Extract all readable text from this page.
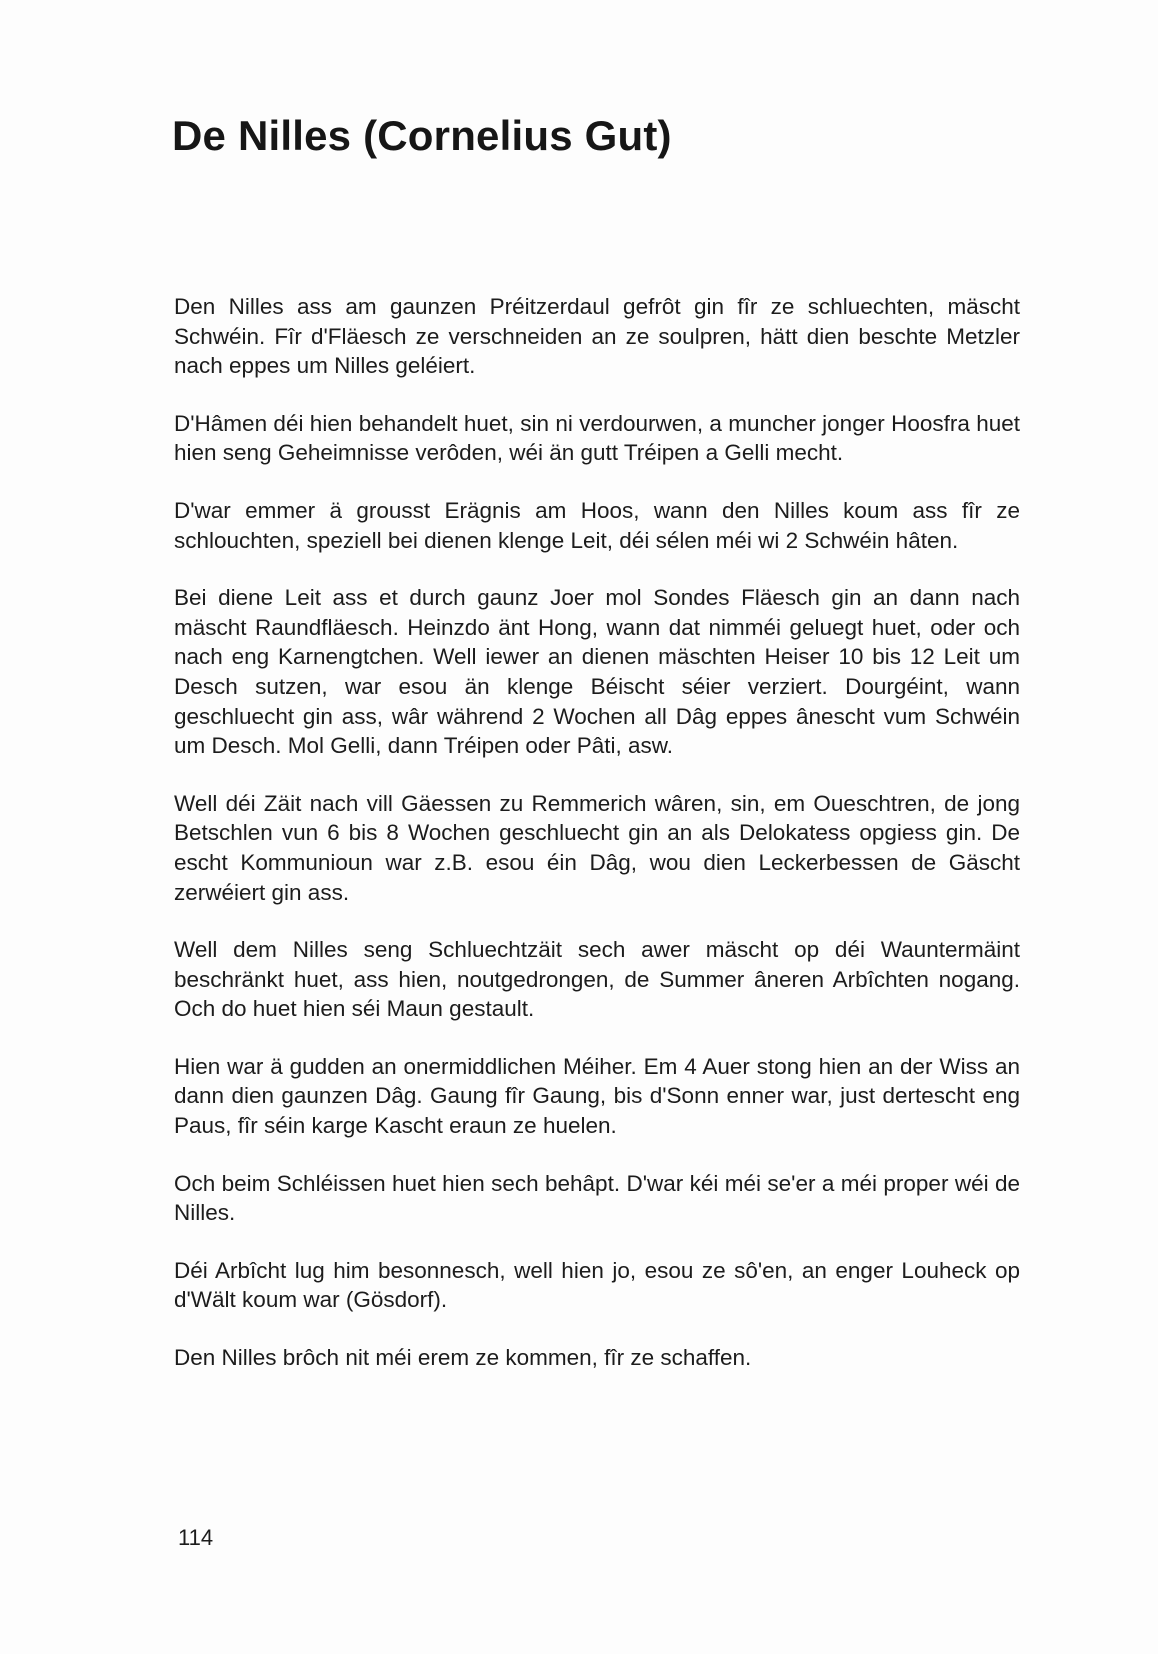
De Nilles (Cornelius Gut)

Den Nilles ass am gaunzen Préitzerdaul gefrôt gin fîr ze schluechten, mäscht Schwéin. Fîr d'Fläesch ze verschneiden an ze soulpren, hätt dien beschte Metzler nach eppes um Nilles geléiert.

D'Hâmen déi hien behandelt huet, sin ni verdourwen, a muncher jonger Hoosfra huet hien seng Geheimnisse verôden, wéi än gutt Tréipen a Gelli mecht.

D'war emmer ä grousst Erägnis am Hoos, wann den Nilles koum ass fîr ze schlouchten, speziell bei dienen klenge Leit, déi sélen méi wi 2 Schwéin hâten.

Bei diene Leit ass et durch gaunz Joer mol Sondes Fläesch gin an dann nach mäscht Raundfläesch. Heinzdo änt Hong, wann dat nimméi geluegt huet, oder och nach eng Karnengtchen. Well iewer an dienen mäschten Heiser 10 bis 12 Leit um Desch sutzen, war esou än klenge Béischt séier verziert. Dourgéint, wann geschluecht gin ass, wâr während 2 Wochen all Dâg eppes ânescht vum Schwéin um Desch. Mol Gelli, dann Tréipen oder Pâti, asw.

Well déi Zäit nach vill Gäessen zu Remmerich wâren, sin, em Oueschtren, de jong Betschlen vun 6 bis 8 Wochen geschluecht gin an als Delokatess opgiess gin. De escht Kommunioun war z.B. esou éin Dâg, wou dien Leckerbessen de Gäscht zerwéiert gin ass.

Well dem Nilles seng Schluechtzäit sech awer mäscht op déi Wauntermäint beschränkt huet, ass hien, noutgedrongen, de Summer âneren Arbîchten nogang. Och do huet hien séi Maun gestault.

Hien war ä gudden an onermiddlichen Méiher. Em 4 Auer stong hien an der Wiss an dann dien gaunzen Dâg. Gaung fîr Gaung, bis d'Sonn enner war, just dertescht eng Paus, fîr séin karge Kascht eraun ze huelen.

Och beim Schléissen huet hien sech behâpt. D'war kéi méi se'er a méi proper wéi de Nilles.

Déi Arbîcht lug him besonnesch, well hien jo, esou ze sô'en, an enger Louheck op d'Wält koum war (Gösdorf).

Den Nilles brôch nit méi erem ze kommen, fîr ze schaffen.

114
